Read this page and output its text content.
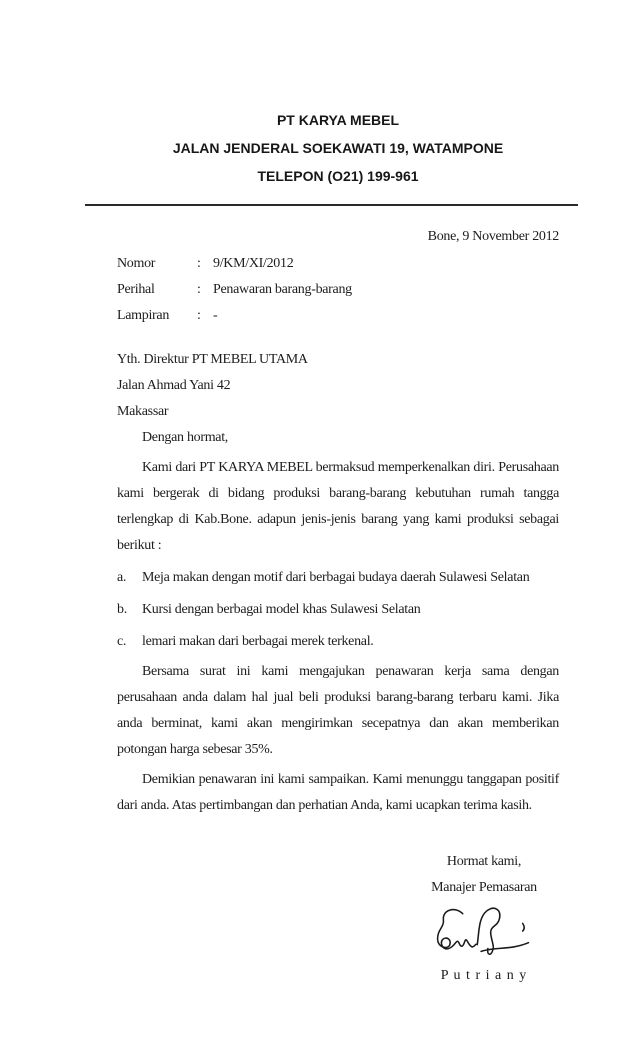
PT KARYA MEBEL
JALAN JENDERAL SOEKAWATI 19, WATAMPONE
TELEPON (O21) 199-961
Bone, 9 November 2012
Nomor	: 9/KM/XI/2012
Perihal	: Penawaran barang-barang
Lampiran	: -
Yth. Direktur PT MEBEL UTAMA
Jalan Ahmad Yani 42
Makassar
Dengan hormat,

Kami dari PT KARYA MEBEL bermaksud memperkenalkan diri. Perusahaan kami bergerak di bidang produksi barang-barang kebutuhan rumah tangga terlengkap di Kab.Bone. adapun jenis-jenis barang yang kami produksi sebagai berikut :

a.	Meja makan dengan motif dari berbagai budaya daerah Sulawesi Selatan
b.	Kursi dengan berbagai model khas Sulawesi Selatan
c.	lemari makan dari berbagai merek terkenal.

Bersama surat ini kami mengajukan penawaran kerja sama dengan perusahaan anda dalam hal jual beli produksi barang-barang terbaru kami. Jika anda berminat, kami akan mengirimkan secepatnya dan akan memberikan potongan harga sebesar 35%.

Demikian penawaran ini kami sampaikan. Kami menunggu tanggapan positif dari anda. Atas pertimbangan dan perhatian Anda, kami ucapkan terima kasih.

Hormat kami,
Manajer Pemasaran
P u t r i a n y
